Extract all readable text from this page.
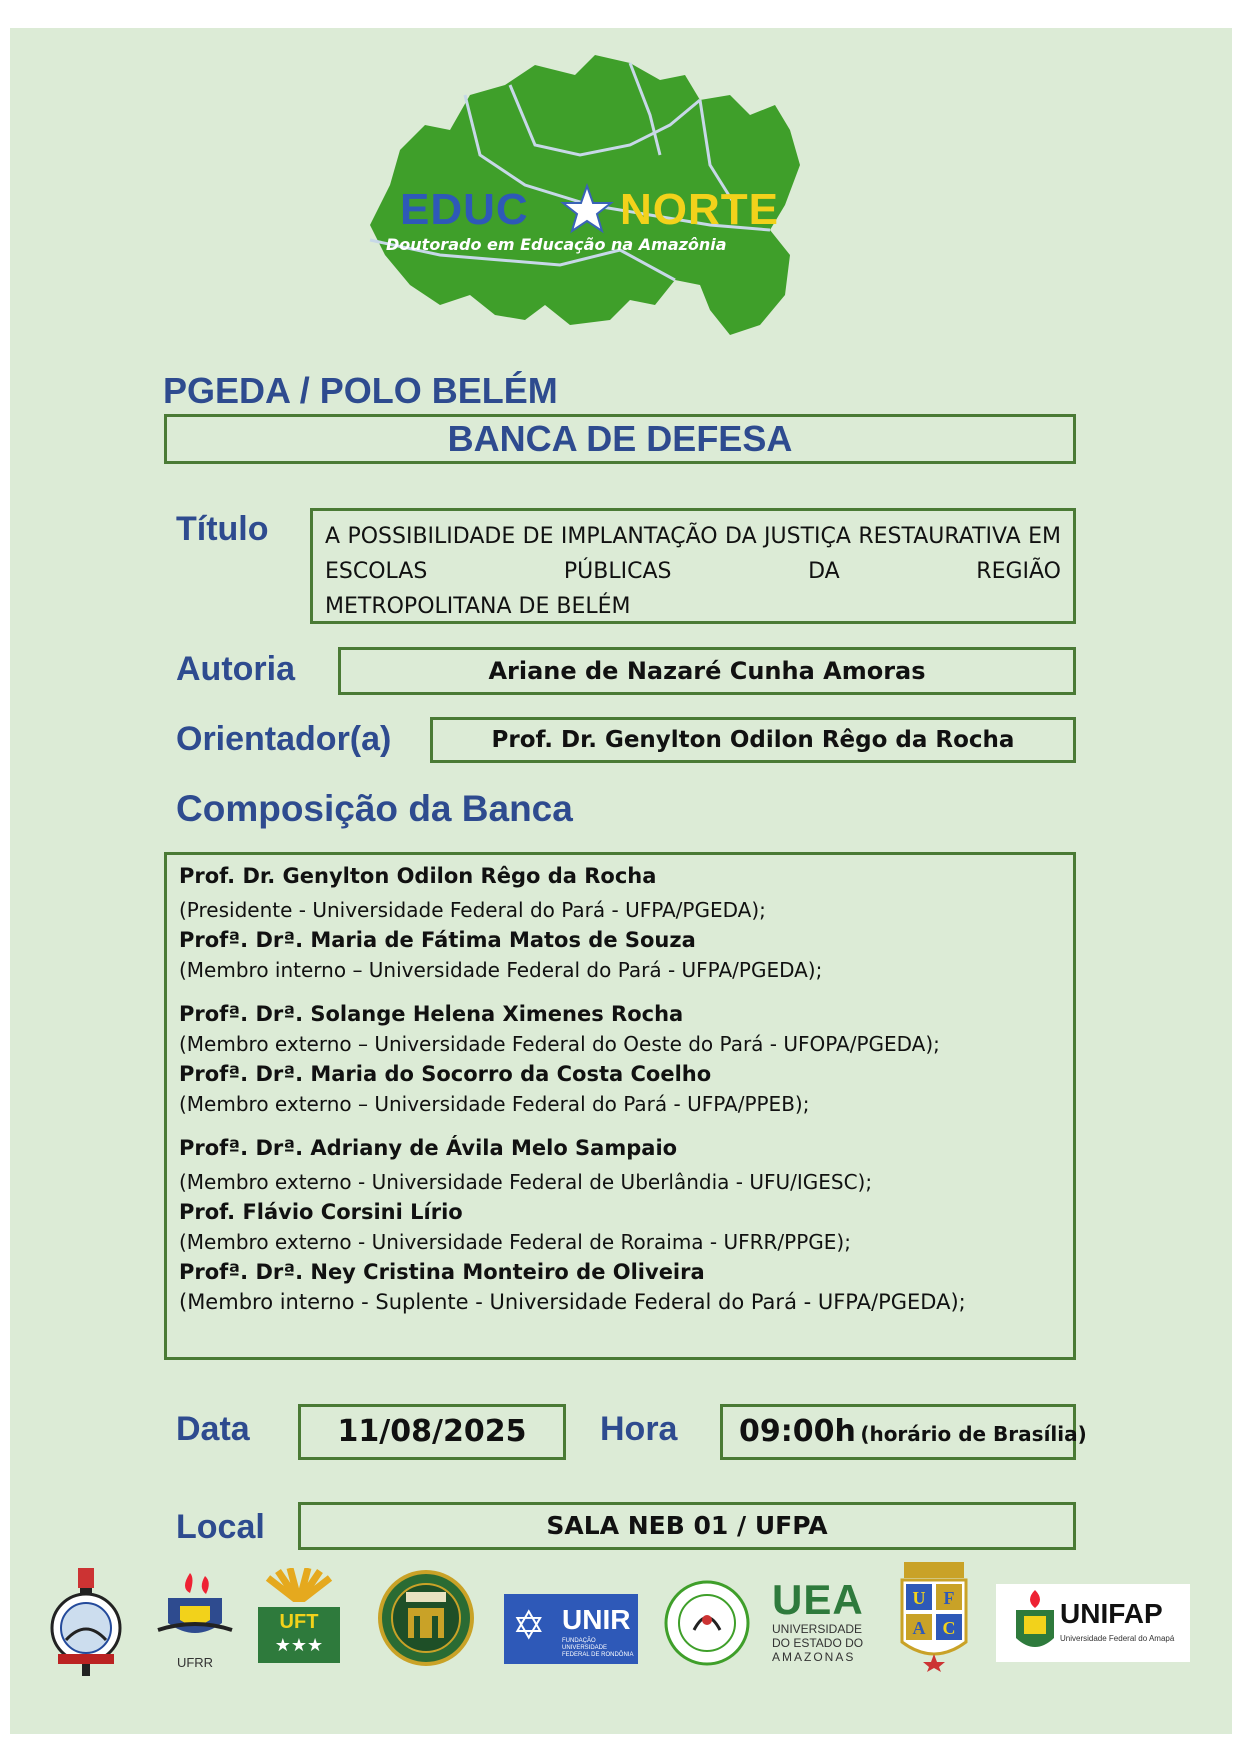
EDUC NORTE
Doutorado em Educação na Amazônia
PGEDA / POLO BELÉM
BANCA DE DEFESA
Título	A POSSIBILIDADE DE IMPLANTAÇÃO DA JUSTIÇA RESTAURATIVA EM ESCOLAS PÚBLICAS DA REGIÃO
METROPOLITANA DE BELÉM
Autoria	Ariane de Nazaré Cunha Amoras
Orientador(a)	Prof. Dr. Genylton Odilon Rêgo da Rocha
Composição da Banca
Prof. Dr. Genylton Odilon Rêgo da Rocha
(Presidente - Universidade Federal do Pará - UFPA/PGEDA);
Profª. Drª. Maria de Fátima Matos de Souza
(Membro interno – Universidade Federal do Pará - UFPA/PGEDA);
Profª. Drª. Solange Helena Ximenes Rocha
(Membro externo – Universidade Federal do Oeste do Pará - UFOPA/PGEDA);
Profª. Drª. Maria do Socorro da Costa Coelho
(Membro externo – Universidade Federal do Pará - UFPA/PPEB);
Profª. Drª. Adriany de Ávila Melo Sampaio
(Membro externo - Universidade Federal de Uberlândia - UFU/IGESC);
Prof. Flávio Corsini Lírio
(Membro externo - Universidade Federal de Roraima - UFRR/PPGE);
Profª. Drª. Ney Cristina Monteiro de Oliveira
(Membro interno - Suplente - Universidade Federal do Pará - UFPA/PGEDA);
Data	11/08/2025	Hora	09:00h (horário de Brasília)
Local	SALA NEB 01 / UFPA
UFRR
UFT
★★★	✡ UNIR
FUNDAÇÃO UNIVERSIDADE FEDERAL DE RONDÔNIA
UEA
UNIVERSIDADE
DO ESTADO DO
AMAZONAS
U	F
A C	UNIFAP
Universidade Federal do Amapá
